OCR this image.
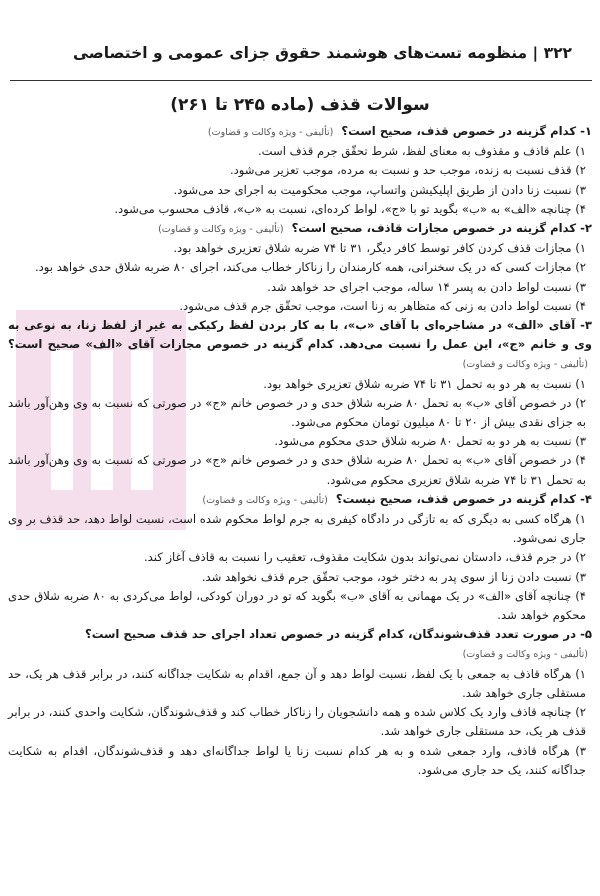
۳۲۲ | منظومه تست‌های هوشمند حقوق جزای عمومی و اختصاصی
سوالات قذف (ماده ۲۴۵ تا ۲۶۱)
۱- کدام گزینه در خصوص قذف، صحیح است؟ (تألیفی - ویژه وکالت و قضاوت)
۱) علم قاذف و مقذوف به معنای لفظ، شرط تحقّق جرم قذف است.
۲) قذف نسبت به زنده، موجب حد و نسبت به مرده، موجب تعزیر می‌شود.
۳) نسبت زنا دادن از طریق اپلیکیشن واتساپ، موجب محکومیت به اجرای حد می‌شود.
۴) چنانچه «الف» به «ب» بگوید تو با «ج»، لواط کرده‌ای، نسبت به «ب»، قاذف محسوب می‌شود.
۲- کدام گزینه در خصوص مجازات قاذف، صحیح است؟ (تألیفی - ویژه وکالت و قضاوت)
۱) مجازات قذف کردن کافر توسط کافر دیگر، ۳۱ تا ۷۴ ضربه شلاق تعزیری خواهد بود.
۲) مجازات کسی که در یک سخنرانی، همه کارمندان را زناکار خطاب می‌کند، اجرای ۸۰ ضربه شلاق حدی خواهد بود.
۳) نسبت لواط دادن به پسر ۱۴ ساله، موجب اجرای حد خواهد شد.
۴) نسبت لواط دادن به زنی که متظاهر به زنا است، موجب تحقّق جرم قذف می‌شود.
۳- آقای «الف» در مشاجره‌ای با آقای «ب»، با به کار بردن لفظ رکیکی به غیر از لفظ زنا، به نوعی به وی و خانم «ج»، این عمل را نسبت می‌دهد. کدام گزینه در خصوص مجازات آقای «الف» صحیح است؟ (تألیفی - ویژه وکالت و قضاوت)
۱) نسبت به هر دو به تحمل ۳۱ تا ۷۴ ضربه شلاق تعزیری خواهد بود.
۲) در خصوص آقای «ب» به تحمل ۸۰ ضربه شلاق حدی و در خصوص خانم «ج» در صورتی که نسبت به وی وهن‌آور باشد به جزای نقدی بیش از ۲۰ تا ۸۰ میلیون تومان محکوم می‌شود.
۳) نسبت به هر دو به تحمل ۸۰ ضربه شلاق حدی محکوم می‌شود.
۴) در خصوص آقای «ب» به تحمل ۸۰ ضربه شلاق حدی و در خصوص خانم «ج» در صورتی که نسبت به وی وهن‌آور باشد به تحمل ۳۱ تا ۷۴ ضربه شلاق تعزیری محکوم می‌شود.
۴- کدام گزینه در خصوص قذف، صحیح نیست؟ (تألیفی - ویژه وکالت و قضاوت)
۱) هرگاه کسی به دیگری که به تازگی در دادگاه کیفری به جرم لواط محکوم شده است، نسبت لواط دهد، حد قذف بر وی جاری نمی‌شود.
۲) در جرم قذف، دادستان نمی‌تواند بدون شکایت مقذوف، تعقیب را نسبت به قاذف آغاز کند.
۳) نسبت دادن زنا از سوی پدر به دختر خود، موجب تحقّق جرم قذف نخواهد شد.
۴) چنانچه آقای «الف» در یک مهمانی به آقای «ب» بگوید که تو در دوران کودکی، لواط می‌کردی به ۸۰ ضربه شلاق حدی محکوم خواهد شد.
۵- در صورت تعدد قذف‌شوندگان، کدام گزینه در خصوص تعداد اجرای حد قذف صحیح است؟
(تألیفی - ویژه وکالت و قضاوت)
۱) هرگاه قاذف به جمعی با یک لفظ، نسبت لواط دهد و آن جمع، اقدام به شکایت جداگانه کنند، در برابر قذف هر یک، حد مستقلی جاری خواهد شد.
۲) چنانچه قاذف وارد یک کلاس شده و همه دانشجویان را زناکار خطاب کند و قذف‌شوندگان، شکایت واحدی کنند، در برابر قذف هر یک، حد مستقلی جاری خواهد شد.
۳) هرگاه قاذف، وارد جمعی شده و به هر کدام نسبت زنا یا لواط جداگانه‌ای دهد و قذف‌شوندگان، اقدام به شکایت جداگانه کنند، یک حد جاری می‌شود.
